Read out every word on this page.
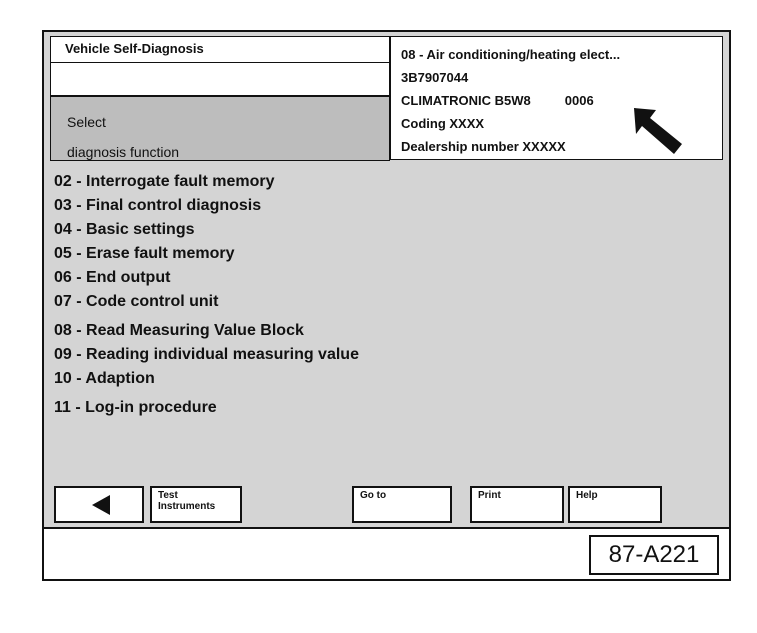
Vehicle Self-Diagnosis
Select
diagnosis function
08 - Air conditioning/heating elect...
3B7907044
CLIMATRONIC B5W8	0006
Coding XXXX
Dealership number XXXXX
02 - Interrogate fault memory
03 - Final control diagnosis
04 - Basic settings
05 - Erase fault memory
06 - End output
07 - Code control unit
08 - Read Measuring Value Block
09 - Reading individual measuring value
10 - Adaption
11 - Log-in procedure
Test
Instruments
Go to	Print	Help
87-A221
